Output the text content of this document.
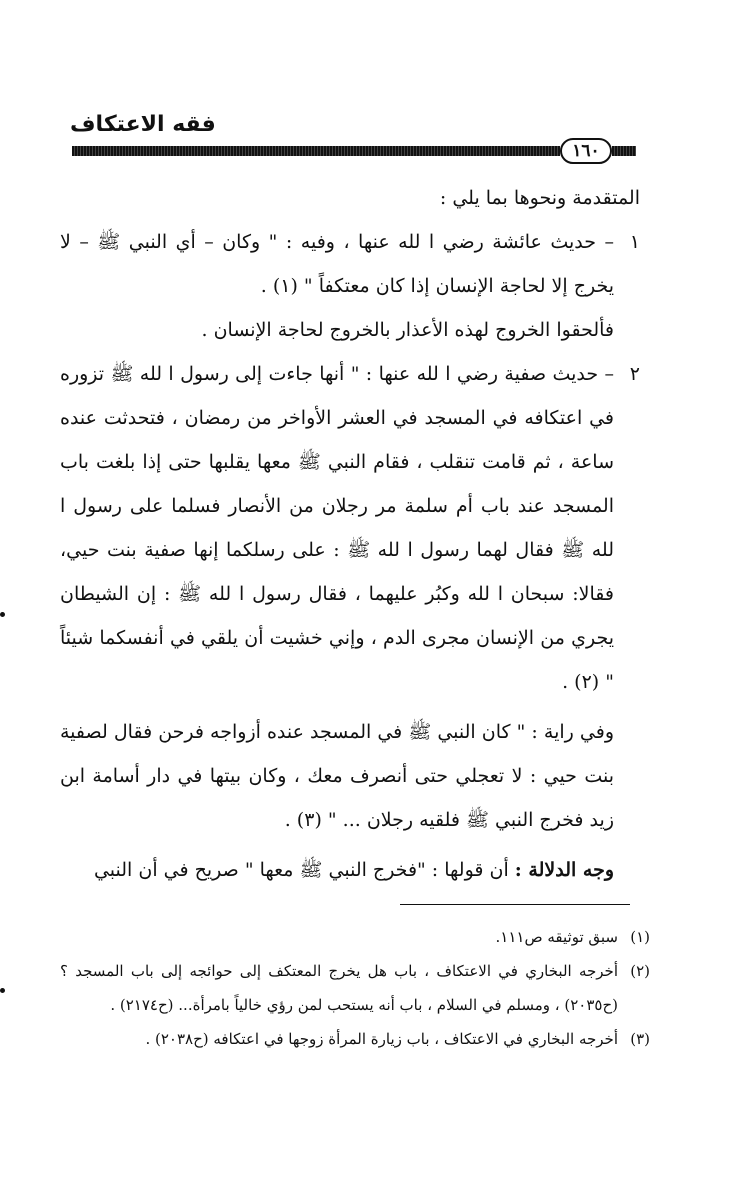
فقه الاعتكاف
١٦٠

المتقدمة ونحوها بما يلي :

١
– حديث عائشة رضي ا لله عنها ، وفيه : " وكان – أي النبي ﷺ – لا يخرج إلا لحاجة الإنسان إذا كان معتكفاً " (١) .

فألحقوا الخروج لهذه الأعذار بالخروج لحاجة الإنسان .

٢
– حديث صفية رضي ا لله عنها : " أنها جاءت إلى رسول ا لله ﷺ تزوره في اعتكافه في المسجد في العشر الأواخر من رمضان ، فتحدثت عنده ساعة ، ثم قامت تنقلب ، فقام النبي ﷺ معها يقلبها حتى إذا بلغت باب المسجد عند باب أم سلمة مر رجلان من الأنصار فسلما على رسول ا لله ﷺ فقال لهما رسول ا لله ﷺ : على رسلكما إنها صفية بنت حيي، فقالا: سبحان ا لله وكبُر عليهما ، فقال رسول ا لله ﷺ : إن الشيطان يجري من الإنسان مجرى الدم ، وإني خشيت أن يلقي في أنفسكما شيئاً " (٢) .

وفي راية : " كان النبي ﷺ في المسجد عنده أزواجه فرحن فقال لصفية بنت حيي : لا تعجلي حتى أنصرف معك ، وكان بيتها في دار أسامة ابن زيد فخرج النبي ﷺ فلقيه رجلان ... " (٣) .

وجه الدلالة : أن قولها : "فخرج النبي ﷺ معها " صريح في أن النبي

(١)
سبق توثيقه ص١١١.

(٢)
أخرجه البخاري في الاعتكاف ، باب هل يخرج المعتكف إلى حوائجه إلى باب المسجد ؟ (ح٢٠٣٥) ، ومسلم في السلام ، باب أنه يستحب لمن رؤي خالياً بامرأة... (ح٢١٧٤) .

(٣)
أخرجه البخاري في الاعتكاف ، باب زيارة المرأة زوجها في اعتكافه (ح٢٠٣٨) .
